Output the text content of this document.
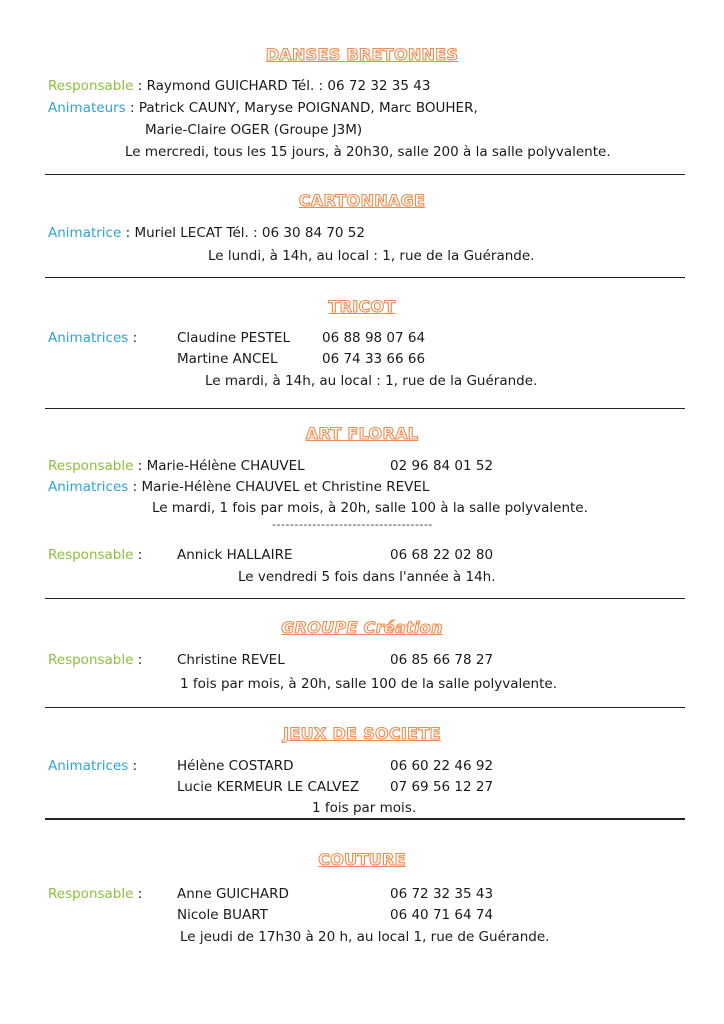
DANSES BRETONNES
Responsable : Raymond GUICHARD Tél. : 06 72 32 35 43
Animateurs : Patrick CAUNY, Maryse POIGNAND, Marc BOUHER,
Marie-Claire OGER (Groupe J3M)
Le mercredi, tous les 15 jours, à 20h30, salle 200 à la salle polyvalente.
CARTONNAGE
Animatrice : Muriel LECAT Tél. : 06 30 84 70 52
Le lundi, à 14h, au local : 1, rue de la Guérande.
TRICOT
Animatrices :	Claudine PESTEL 06 88 98 07 64
Martine ANCEL	06 74 33 66 66
Le mardi, à 14h, au local : 1, rue de la Guérande.
ART FLORAL
Responsable : Marie-Hélène CHAUVEL	02 96 84 01 52
Animatrices : Marie-Hélène CHAUVEL et Christine REVEL
Le mardi, 1 fois par mois, à 20h, salle 100 à la salle polyvalente.
------------------------------------
Responsable :	Annick HALLAIRE	06 68 22 02 80
Le vendredi 5 fois dans l'année à 14h.
GROUPE Création
Responsable :	Christine REVEL	06 85 66 78 27
1 fois par mois, à 20h, salle 100 de la salle polyvalente.
JEUX DE SOCIETE
Animatrices :	Hélène COSTARD	06 60 22 46 92
Lucie KERMEUR LE CALVEZ 07 69 56 12 27
1 fois par mois.
COUTURE
Responsable :	Anne GUICHARD	06 72 32 35 43
Nicole BUART	06 40 71 64 74
Le jeudi de 17h30 à 20 h, au local 1, rue de Guérande.
